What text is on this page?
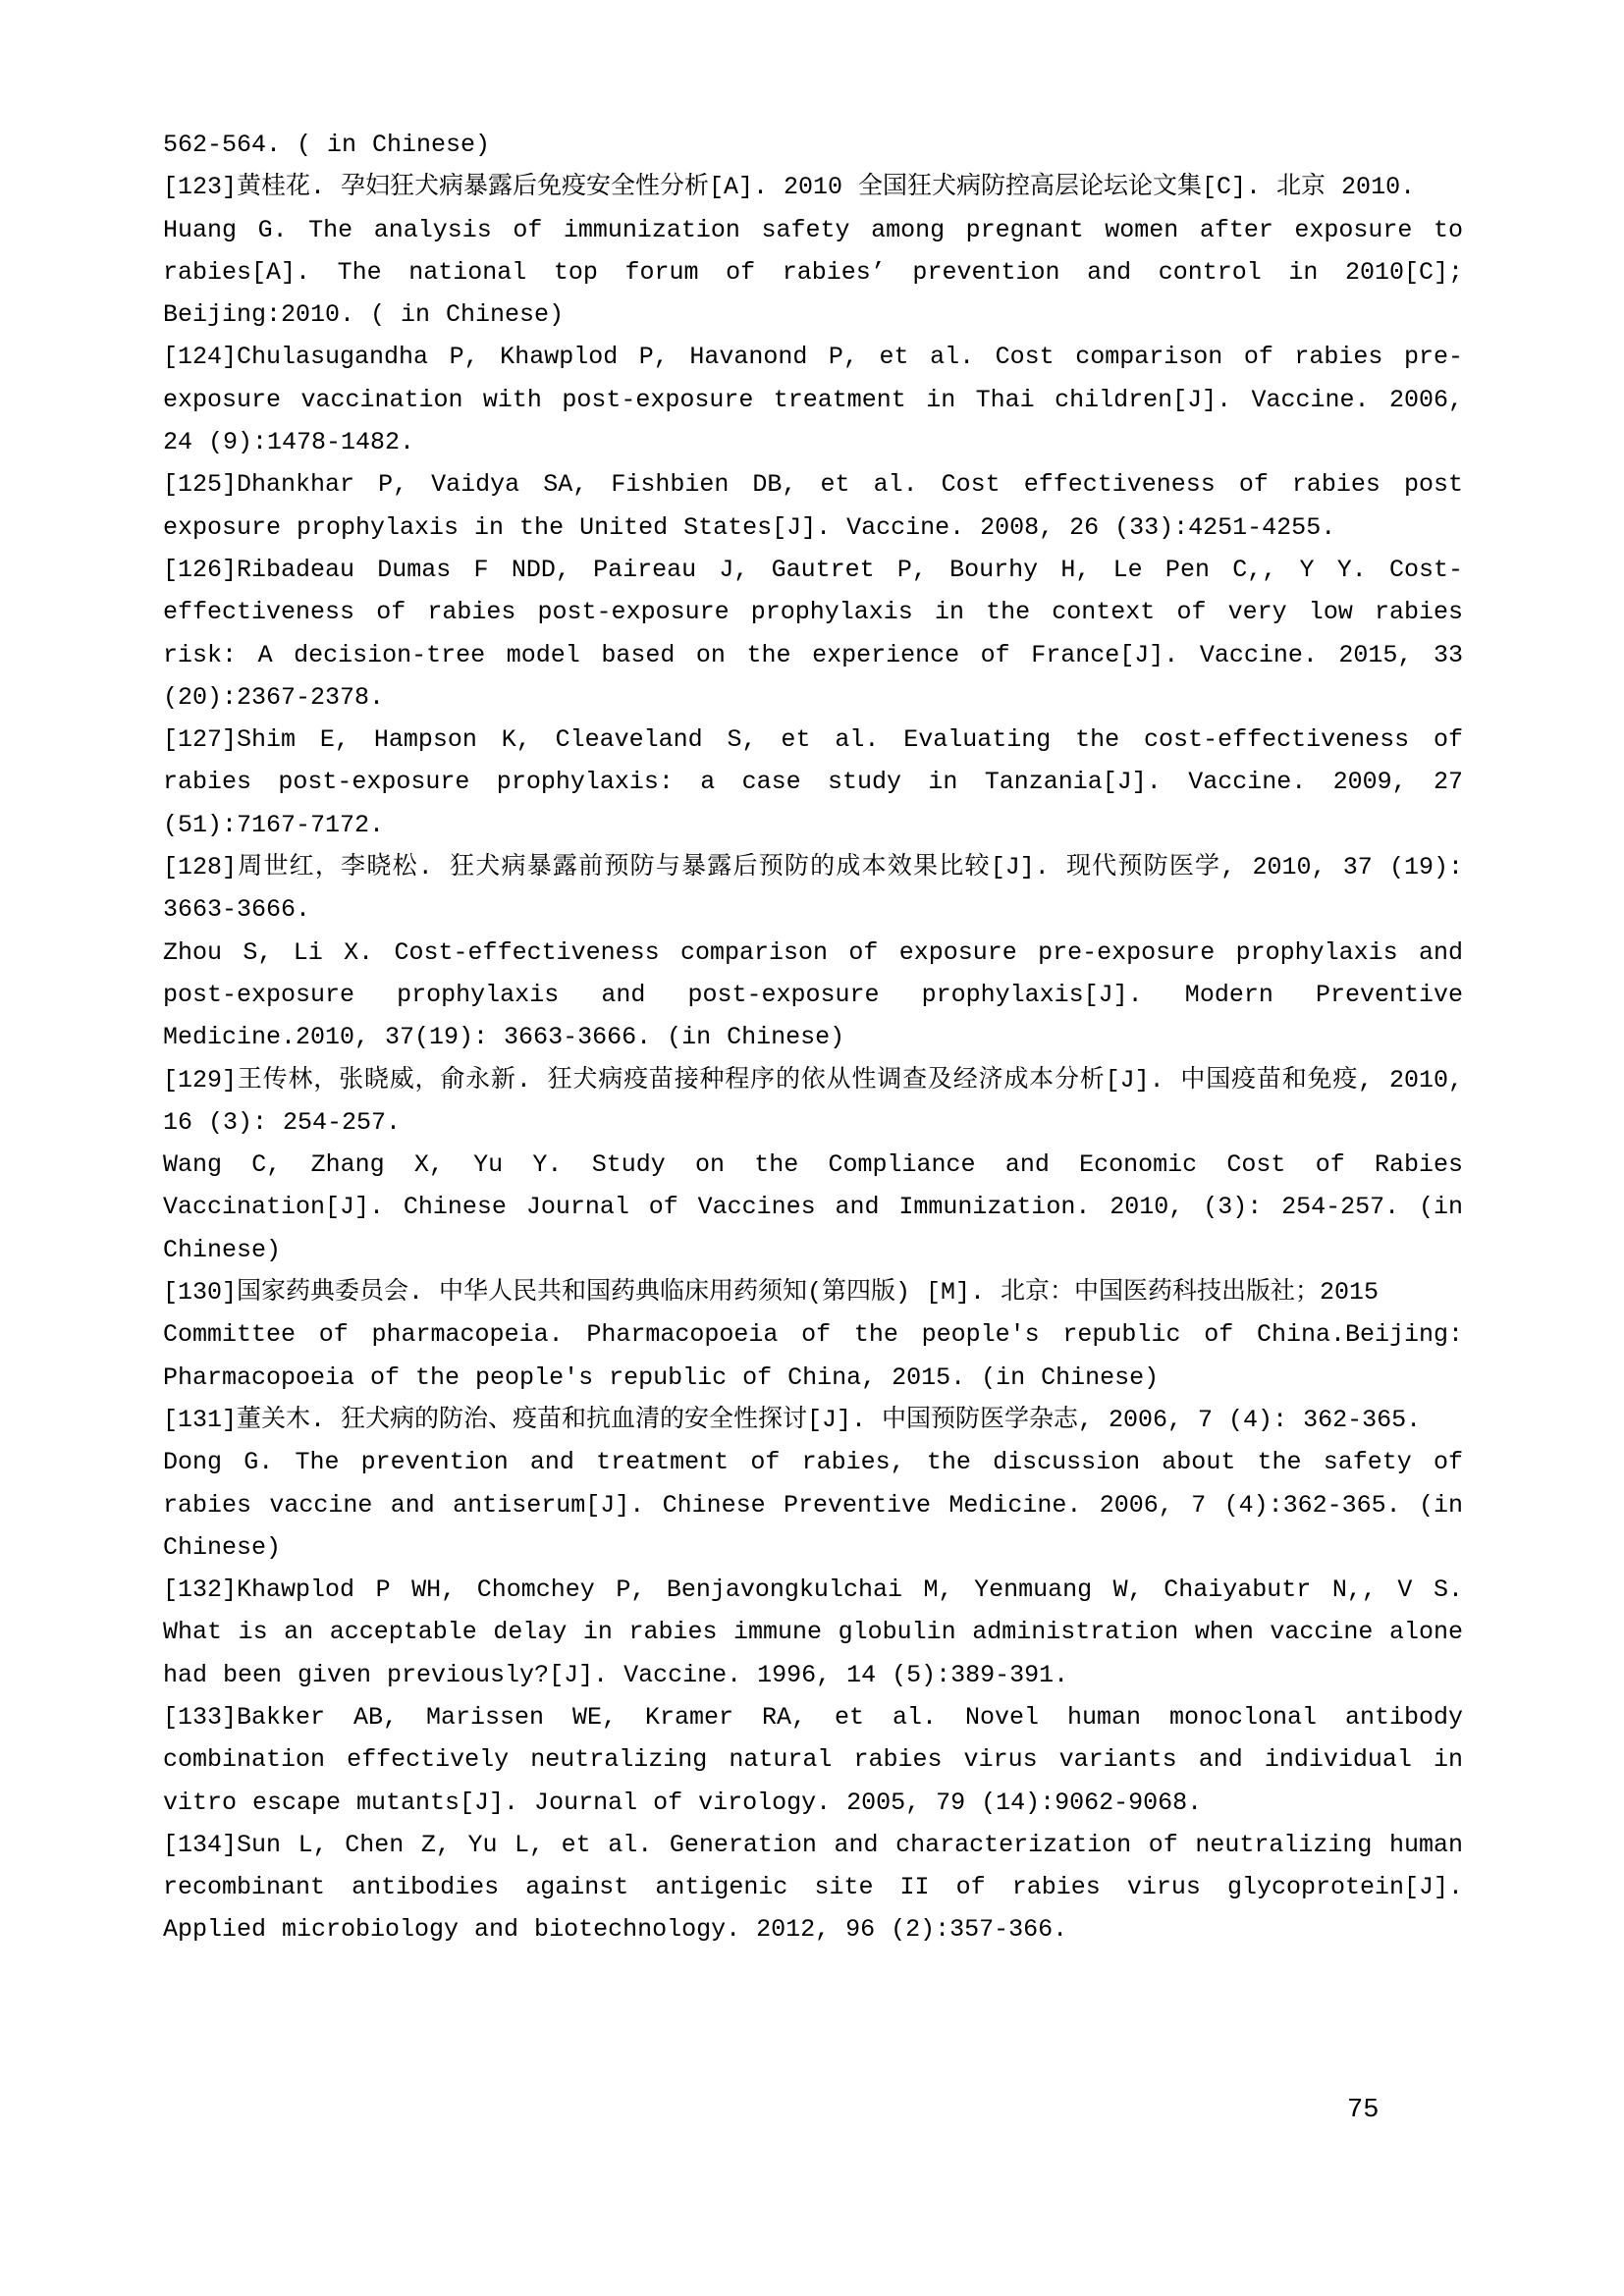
562-564. ( in Chinese)

[123]黄桂花. 孕妇狂犬病暴露后免疫安全性分析[A]. 2010 全国狂犬病防控高层论坛论文集[C]. 北京 2010.

Huang G. The analysis of immunization safety among pregnant women after exposure to rabies[A]. The national top forum of rabies’ prevention and control in 2010[C]; Beijing:2010. ( in Chinese)

[124]Chulasugandha P, Khawplod P, Havanond P, et al. Cost comparison of rabies pre-exposure vaccination with post-exposure treatment in Thai children[J]. Vaccine. 2006, 24 (9):1478-1482.

[125]Dhankhar P, Vaidya SA, Fishbien DB, et al. Cost effectiveness of rabies post exposure prophylaxis in the United States[J]. Vaccine. 2008, 26 (33):4251-4255.

[126]Ribadeau Dumas F NDD, Paireau J, Gautret P, Bourhy H, Le Pen C,, Y Y. Cost-effectiveness of rabies post-exposure prophylaxis in the context of very low rabies risk: A decision-tree model based on the experience of France[J]. Vaccine. 2015, 33 (20):2367-2378.

[127]Shim E, Hampson K, Cleaveland S, et al. Evaluating the cost-effectiveness of rabies post-exposure prophylaxis: a case study in Tanzania[J]. Vaccine. 2009, 27 (51):7167-7172.

[128]周世红，李晓松. 狂犬病暴露前预防与暴露后预防的成本效果比较[J]. 现代预防医学, 2010, 37 (19): 3663-3666.

Zhou S, Li X. Cost-effectiveness comparison of exposure pre-exposure prophylaxis and post-exposure prophylaxis and post-exposure prophylaxis[J]. Modern Preventive Medicine.2010, 37(19): 3663-3666. (in Chinese)

[129]王传林，张晓威，俞永新. 狂犬病疫苗接种程序的依从性调查及经济成本分析[J]. 中国疫苗和免疫, 2010, 16 (3): 254-257.

Wang C, Zhang X, Yu Y. Study on the Compliance and Economic Cost of Rabies Vaccination[J]. Chinese Journal of Vaccines and Immunization. 2010, (3): 254-257. (in Chinese)

[130]国家药典委员会. 中华人民共和国药典临床用药须知(第四版) [M]. 北京：中国医药科技出版社；2015

Committee of pharmacopeia. Pharmacopoeia of the people's republic of China.Beijing: Pharmacopoeia of the people's republic of China, 2015. (in Chinese)

[131]董关木. 狂犬病的防治、疫苗和抗血清的安全性探讨[J]. 中国预防医学杂志, 2006, 7 (4): 362-365.

Dong G. The prevention and treatment of rabies, the discussion about the safety of rabies vaccine and antiserum[J]. Chinese Preventive Medicine. 2006, 7 (4):362-365. (in Chinese)

[132]Khawplod P WH, Chomchey P, Benjavongkulchai M, Yenmuang W, Chaiyabutr N,, V S. What is an acceptable delay in rabies immune globulin administration when vaccine alone had been given previously?[J]. Vaccine. 1996, 14 (5):389-391.

[133]Bakker AB, Marissen WE, Kramer RA, et al. Novel human monoclonal antibody combination effectively neutralizing natural rabies virus variants and individual in vitro escape mutants[J]. Journal of virology. 2005, 79 (14):9062-9068.

[134]Sun L, Chen Z, Yu L, et al. Generation and characterization of neutralizing human recombinant antibodies against antigenic site II of rabies virus glycoprotein[J]. Applied microbiology and biotechnology. 2012, 96 (2):357-366.

75
